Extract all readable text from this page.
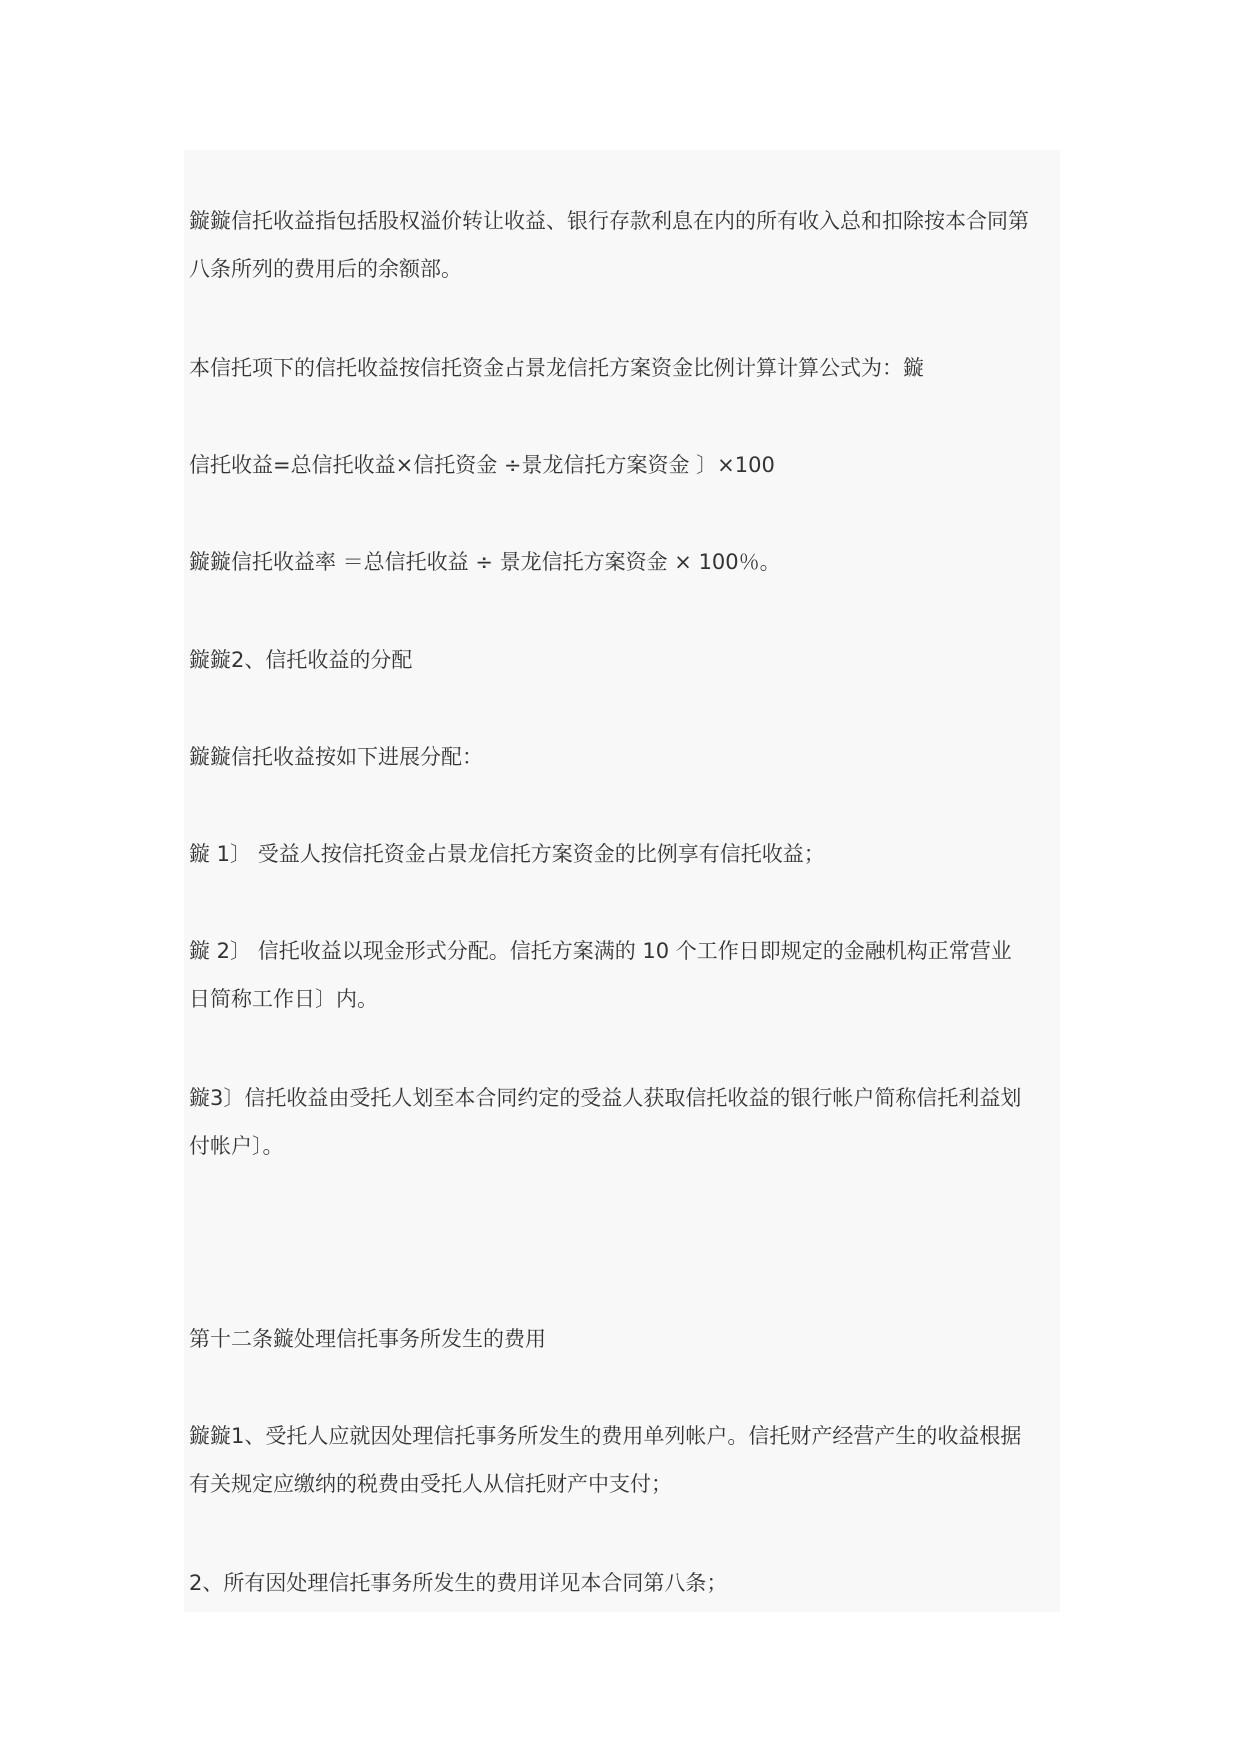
鏇鏇信托收益指包括股权溢价转让收益、银行存款利息在内的所有收入总和扣除按本合同第
八条所列的费用后的余额部。
本信托项下的信托收益按信托资金占景龙信托方案资金比例计算计算公式为：鏇
信托收益=总信托收益×信托资金 ÷景龙信托方案资金 〕×100
鏇鏇信托收益率 ＝总信托收益 ÷ 景龙信托方案资金 × 100％。
鏇鏇2、信托收益的分配
鏇鏇信托收益按如下进展分配：
鏇 1〕 受益人按信托资金占景龙信托方案资金的比例享有信托收益；
鏇 2〕 信托收益以现金形式分配。信托方案满的 10 个工作日即规定的金融机构正常营业
日简称工作日〕内。
鏇3〕信托收益由受托人划至本合同约定的受益人获取信托收益的银行帐户简称信托利益划
付帐户〕。
第十二条鏇处理信托事务所发生的费用
鏇鏇1、受托人应就因处理信托事务所发生的费用单列帐户。信托财产经营产生的收益根据
有关规定应缴纳的税费由受托人从信托财产中支付；
2、所有因处理信托事务所发生的费用详见本合同第八条；
